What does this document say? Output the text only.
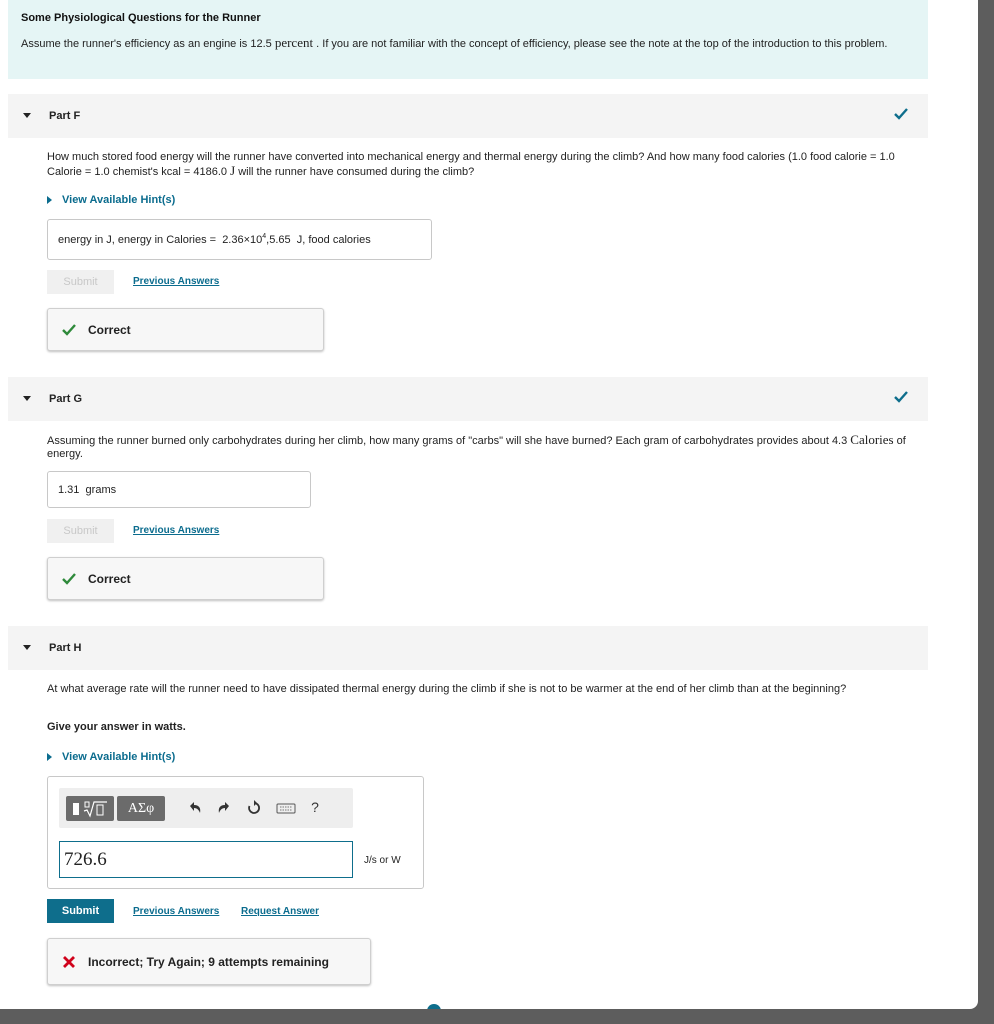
Some Physiological Questions for the Runner
Assume the runner's efficiency as an engine is 12.5 percent . If you are not familiar with the concept of efficiency, please see the note at the top of the introduction to this problem.
Part F
How much stored food energy will the runner have converted into mechanical energy and thermal energy during the climb? And how many food calories (1.0 food calorie = 1.0 Calorie = 1.0 chemist's kcal = 4186.0 J will the runner have consumed during the climb?
View Available Hint(s)
energy in J, energy in Calories =
$2.36\times 10^4,5.65$
J, food calories
Submit	Previous Answers
Correct
Part G
Assuming the runner burned only carbohydrates during her climb, how many grams of "carbs" will she have burned? Each gram of carbohydrates provides about 4.3 Calories of energy.
1.31
grams
Submit	Previous Answers
Correct
Part H
At what average rate will the runner need to have dissipated thermal energy during the climb if she is not to be warmer at the end of her climb than at the beginning?
Give your answer in watts.
View Available Hint(s)
ΑΣφ	?
726.6	J/s or W
Submit	Previous Answers Request Answer
Incorrect; Try Again; 9 attempts remaining
